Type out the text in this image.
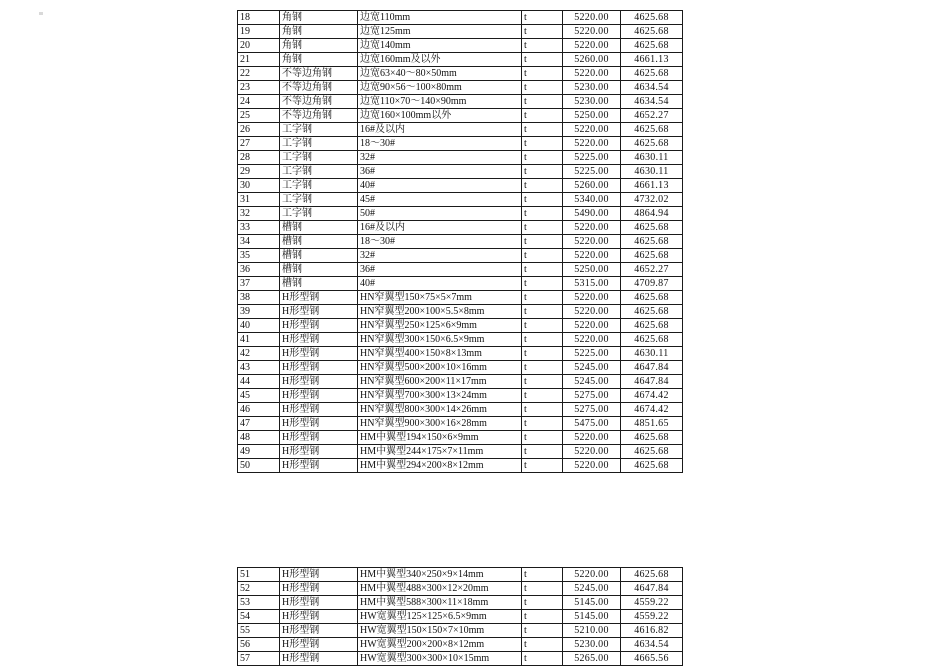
18	角钢	边宽110mm	t	5220.00	4625.68
19	角钢	边宽125mm	t	5220.00	4625.68
20	角钢	边宽140mm	t	5220.00	4625.68
21	角钢	边宽160mm及以外	t	5260.00	4661.13
22	不等边角钢	边宽63×40～80×50mm	t	5220.00	4625.68
23	不等边角钢	边宽90×56～100×80mm	t	5230.00	4634.54
24	不等边角钢	边宽110×70～140×90mm	t	5230.00	4634.54
25	不等边角钢	边宽160×100mm以外	t	5250.00	4652.27
26	工字钢	16#及以内	t	5220.00	4625.68
27	工字钢	18～30#	t	5220.00	4625.68
28	工字钢	32#	t	5225.00	4630.11
29	工字钢	36#	t	5225.00	4630.11
30	工字钢	40#	t	5260.00	4661.13
31	工字钢	45#	t	5340.00	4732.02
32	工字钢	50#	t	5490.00	4864.94
33	槽钢	16#及以内	t	5220.00	4625.68
34	槽钢	18～30#	t	5220.00	4625.68
35	槽钢	32#	t	5220.00	4625.68
36	槽钢	36#	t	5250.00	4652.27
37	槽钢	40#	t	5315.00	4709.87
38	H形型钢	HN窄翼型150×75×5×7mm	t	5220.00	4625.68
39	H形型钢	HN窄翼型200×100×5.5×8mm	t	5220.00	4625.68
40	H形型钢	HN窄翼型250×125×6×9mm	t	5220.00	4625.68
41	H形型钢	HN窄翼型300×150×6.5×9mm	t	5220.00	4625.68
42	H形型钢	HN窄翼型400×150×8×13mm	t	5225.00	4630.11
43	H形型钢	HN窄翼型500×200×10×16mm	t	5245.00	4647.84
44	H形型钢	HN窄翼型600×200×11×17mm	t	5245.00	4647.84
45	H形型钢	HN窄翼型700×300×13×24mm	t	5275.00	4674.42
46	H形型钢	HN窄翼型800×300×14×26mm	t	5275.00	4674.42
47	H形型钢	HN窄翼型900×300×16×28mm	t	5475.00	4851.65
48	H形型钢	HM中翼型194×150×6×9mm	t	5220.00	4625.68
49	H形型钢	HM中翼型244×175×7×11mm	t	5220.00	4625.68
50	H形型钢	HM中翼型294×200×8×12mm	t	5220.00	4625.68
51	H形型钢	HM中翼型340×250×9×14mm	t	5220.00	4625.68
52	H形型钢	HM中翼型488×300×12×20mm	t	5245.00	4647.84
53	H形型钢	HM中翼型588×300×11×18mm	t	5145.00	4559.22
54	H形型钢	HW宽翼型125×125×6.5×9mm	t	5145.00	4559.22
55	H形型钢	HW宽翼型150×150×7×10mm	t	5210.00	4616.82
56	H形型钢	HW宽翼型200×200×8×12mm	t	5230.00	4634.54
57	H形型钢	HW宽翼型300×300×10×15mm	t	5265.00	4665.56
